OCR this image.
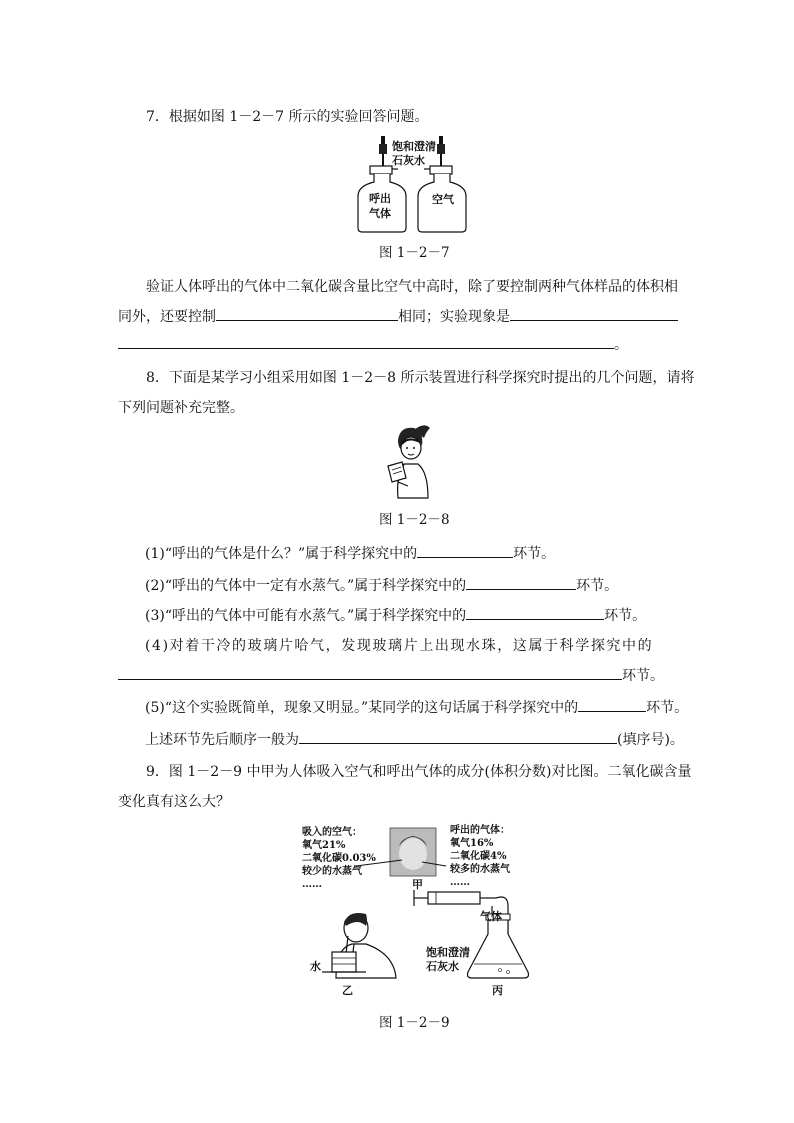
7．根据如图 1－2－7 所示的实验回答问题。
饱和澄清
石灰水
呼出
气体
空气
图 1－2－7
验证人体呼出的气体中二氧化碳含量比空气中高时，除了要控制两种气体样品的体积相
同外，还要控制	相同；实验现象是
。
8．下面是某学习小组采用如图 1－2－8 所示装置进行科学探究时提出的几个问题，请将
下列问题补充完整。
图 1－2－8
(1)“呼出的气体是什么？”属于科学探究中的	环节。
(2)“呼出的气体中一定有水蒸气。”属于科学探究中的	环节。
(3)“呼出的气体中可能有水蒸气。”属于科学探究中的	环节。
(4)对着干冷的玻璃片哈气，发现玻璃片上出现水珠，这属于科学探究中的
环节。
(5)“这个实验既简单，现象又明显。”某同学的这句话属于科学探究中的	环节。
上述环节先后顺序一般为	(填序号)。
9．图 1－2－9 中甲为人体吸入空气和呼出气体的成分(体积分数)对比图。二氧化碳含量
变化真有这么大？
吸入的空气：
氧气21%
二氧化碳0.03%
较少的水蒸气
……
呼出的气体：
氧气16%
二氧化碳4%
较多的水蒸气
……
甲
气体
水
乙	丙
饱和澄清
石灰水
图 1－2－9
